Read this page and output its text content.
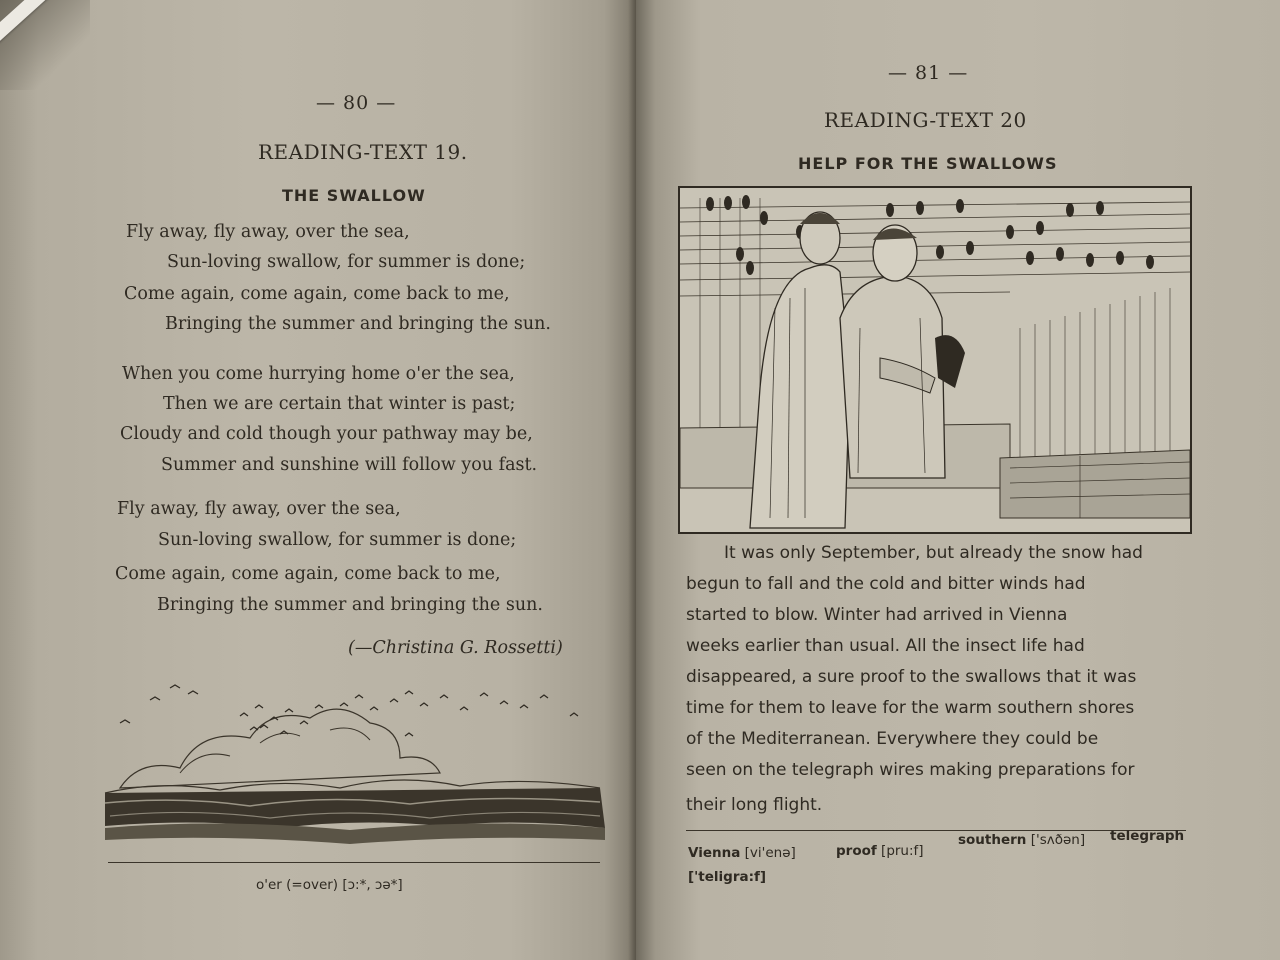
— 80 —
READING-TEXT 19.
THE SWALLOW
Fly away, fly away, over the sea,
Sun-loving swallow, for summer is done;
Come again, come again, come back to me,
Bringing the summer and bringing the sun.
When you come hurrying home o'er the sea,
Then we are certain that winter is past;
Cloudy and cold though your pathway may be,
Summer and sunshine will follow you fast.
Fly away, fly away, over the sea,
Sun-loving swallow, for summer is done;
Come again, come again, come back to me,
Bringing the summer and bringing the sun.
(—Christina G. Rossetti)
o'er (=over) [ɔ:*, ɔə*]
— 81 —
READING-TEXT 20
HELP FOR THE SWALLOWS
It was only September, but already the snow had
begun to fall and the cold and bitter winds had
started to blow. Winter had arrived in Vienna
weeks earlier than usual. All the insect life had
disappeared, a sure proof to the swallows that it was
time for them to leave for the warm southern shores
of the Mediterranean. Everywhere they could be
seen on the telegraph wires making preparations for
their long flight.
Vienna [vi'enə]	proof [pru:f]
southern ['sʌðən] telegraph
['teligra:f]
